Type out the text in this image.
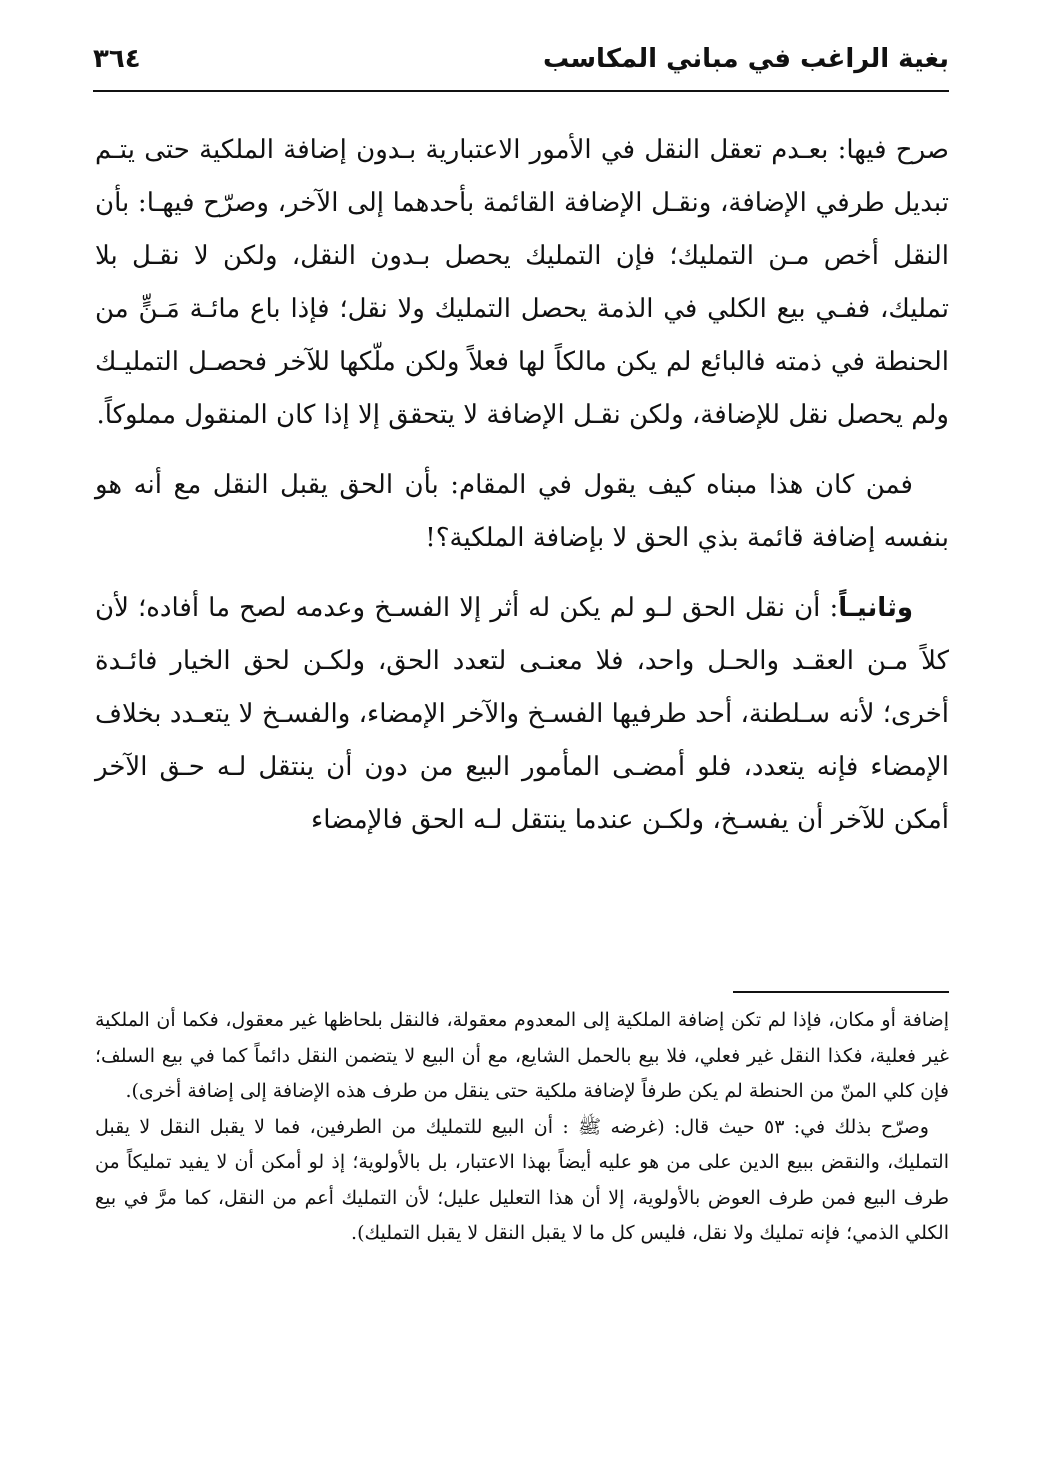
بغية الراغب في مباني المكاسب
٣٦٤

صرح فيها: بعـدم تعقل النقل في الأمور الاعتبارية بـدون إضافة الملكية حتى يتـم تبديل طرفي الإضافة، ونقـل الإضافة القائمة بأحدهما إلى الآخر، وصرّح فيهـا: بأن النقل أخص مـن التمليك؛ فإن التمليك يحصل بـدون النقل، ولكن لا نقـل بلا تمليك، ففـي بيع الكلي في الذمة يحصل التمليك ولا نقل؛ فإذا باع مائـة مَـنٍّ من الحنطة في ذمته فالبائع لم يكن مالكاً لها فعلاً ولكن ملّكها للآخر فحصـل التمليـك ولم يحصل نقل للإضافة، ولكن نقـل الإضافة لا يتحقق إلا إذا كان المنقول مملوكاً.

فمن كان هذا مبناه كيف يقول في المقام: بأن الحق يقبل النقل مع أنه هو بنفسه إضافة قائمة بذي الحق لا بإضافة الملكية؟!

وثانيـاً: أن نقل الحق لـو لم يكن له أثر إلا الفسـخ وعدمه لصح ما أفاده؛ لأن كلاً مـن العقـد والحـل واحد، فلا معنـى لتعدد الحق، ولكـن لحق الخيار فائـدة أخرى؛ لأنه سـلطنة، أحد طرفيها الفسـخ والآخر الإمضاء، والفسـخ لا يتعـدد بخلاف الإمضاء فإنه يتعدد، فلو أمضـى المأمور البيع من دون أن ينتقل لـه حـق الآخر أمكن للآخر أن يفسـخ، ولكـن عندما ينتقل لـه الحق فالإمضاء

إضافة أو مكان، فإذا لم تكن إضافة الملكية إلى المعدوم معقولة، فالنقل بلحاظها غير معقول، فكما أن الملكية غير فعلية، فكذا النقل غير فعلي، فلا بيع بالحمل الشايع، مع أن البيع لا يتضمن النقل دائماً كما في بيع السلف؛ فإن كلي المنّ من الحنطة لم يكن طرفاً لإضافة ملكية حتى ينقل من طرف هذه الإضافة إلى إضافة أخرى).

وصرّح بذلك في: ٥٣ حيث قال: (غرضه ﷺ : أن البيع للتمليك من الطرفين، فما لا يقبل النقل لا يقبل التمليك، والنقض ببيع الدين على من هو عليه أيضاً بهذا الاعتبار، بل بالأولوية؛ إذ لو أمكن أن لا يفيد تمليكاً من طرف البيع فمن طرف العوض بالأولوية، إلا أن هذا التعليل عليل؛ لأن التمليك أعم من النقل، كما مرَّ في بيع الكلي الذمي؛ فإنه تمليك ولا نقل، فليس كل ما لا يقبل النقل لا يقبل التمليك).
